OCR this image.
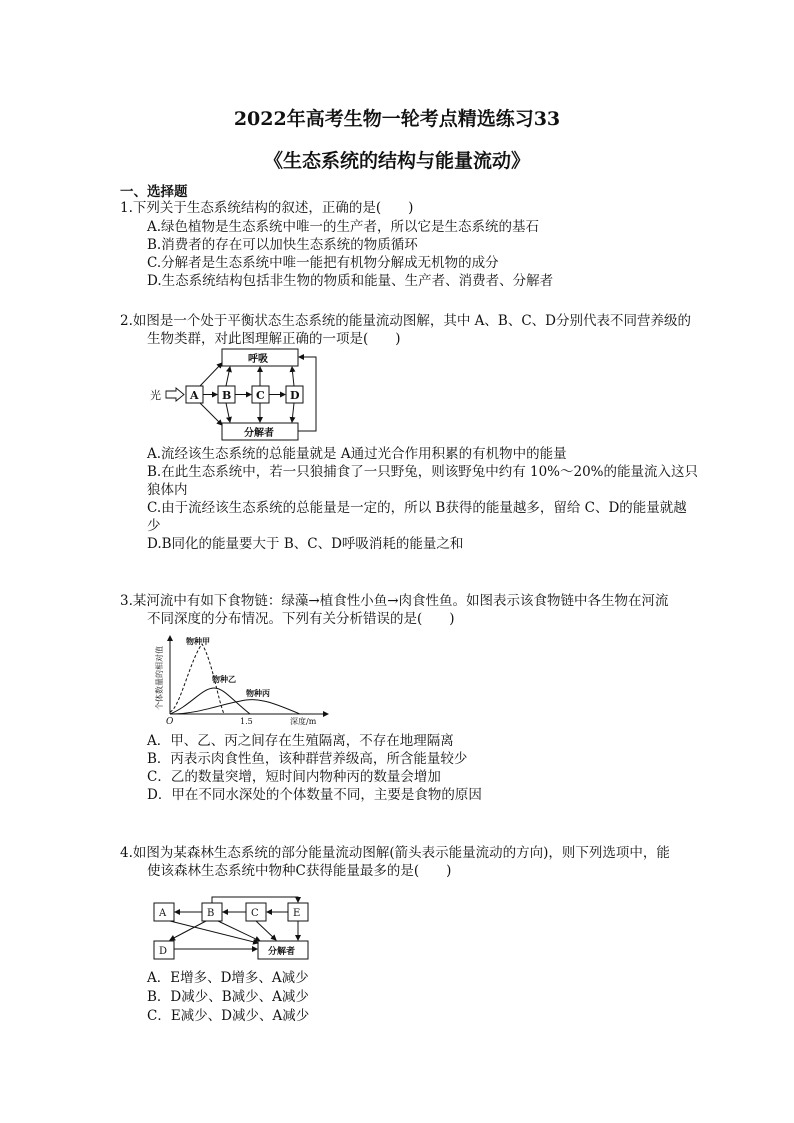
2022年高考生物一轮考点精选练习33
《生态系统的结构与能量流动》
一、选择题
1.下列关于生态系统结构的叙述，正确的是(　　)
A.绿色植物是生态系统中唯一的生产者，所以它是生态系统的基石
B.消费者的存在可以加快生态系统的物质循环
C.分解者是生态系统中唯一能把有机物分解成无机物的成分
D.生态系统结构包括非生物的物质和能量、生产者、消费者、分解者
2.如图是一个处于平衡状态生态系统的能量流动图解，其中 A、B、C、D分别代表不同营养级的
生物类群，对此图理解正确的一项是(　　)
光	A B C D
呼吸
分解者
A.流经该生态系统的总能量就是 A通过光合作用积累的有机物中的能量
B.在此生态系统中，若一只狼捕食了一只野兔，则该野兔中约有 10%～20%的能量流入这只
狼体内
C.由于流经该生态系统的总能量是一定的，所以 B获得的能量越多，留给 C、D的能量就越
少
D.B同化的能量要大于 B、C、D呼吸消耗的能量之和
3.某河流中有如下食物链：绿藻→植食性小鱼→肉食性鱼。如图表示该食物链中各生物在河流
不同深度的分布情况。下列有关分析错误的是(　　)
个体数量的相对值
O	1.5	深度/m
物种甲
物种乙
物种丙
A．甲、乙、丙之间存在生殖隔离，不存在地理隔离
B．丙表示肉食性鱼，该种群营养级高，所含能量较少
C．乙的数量突增，短时间内物种丙的数量会增加
D．甲在不同水深处的个体数量不同，主要是食物的原因
4.如图为某森林生态系统的部分能量流动图解(箭头表示能量流动的方向)，则下列选项中，能
使该森林生态系统中物种C获得能量最多的是(　　)
A	B	C	E
D	分解者
A．E增多、D增多、A减少
B．D减少、B减少、A减少
C．E减少、D减少、A减少
